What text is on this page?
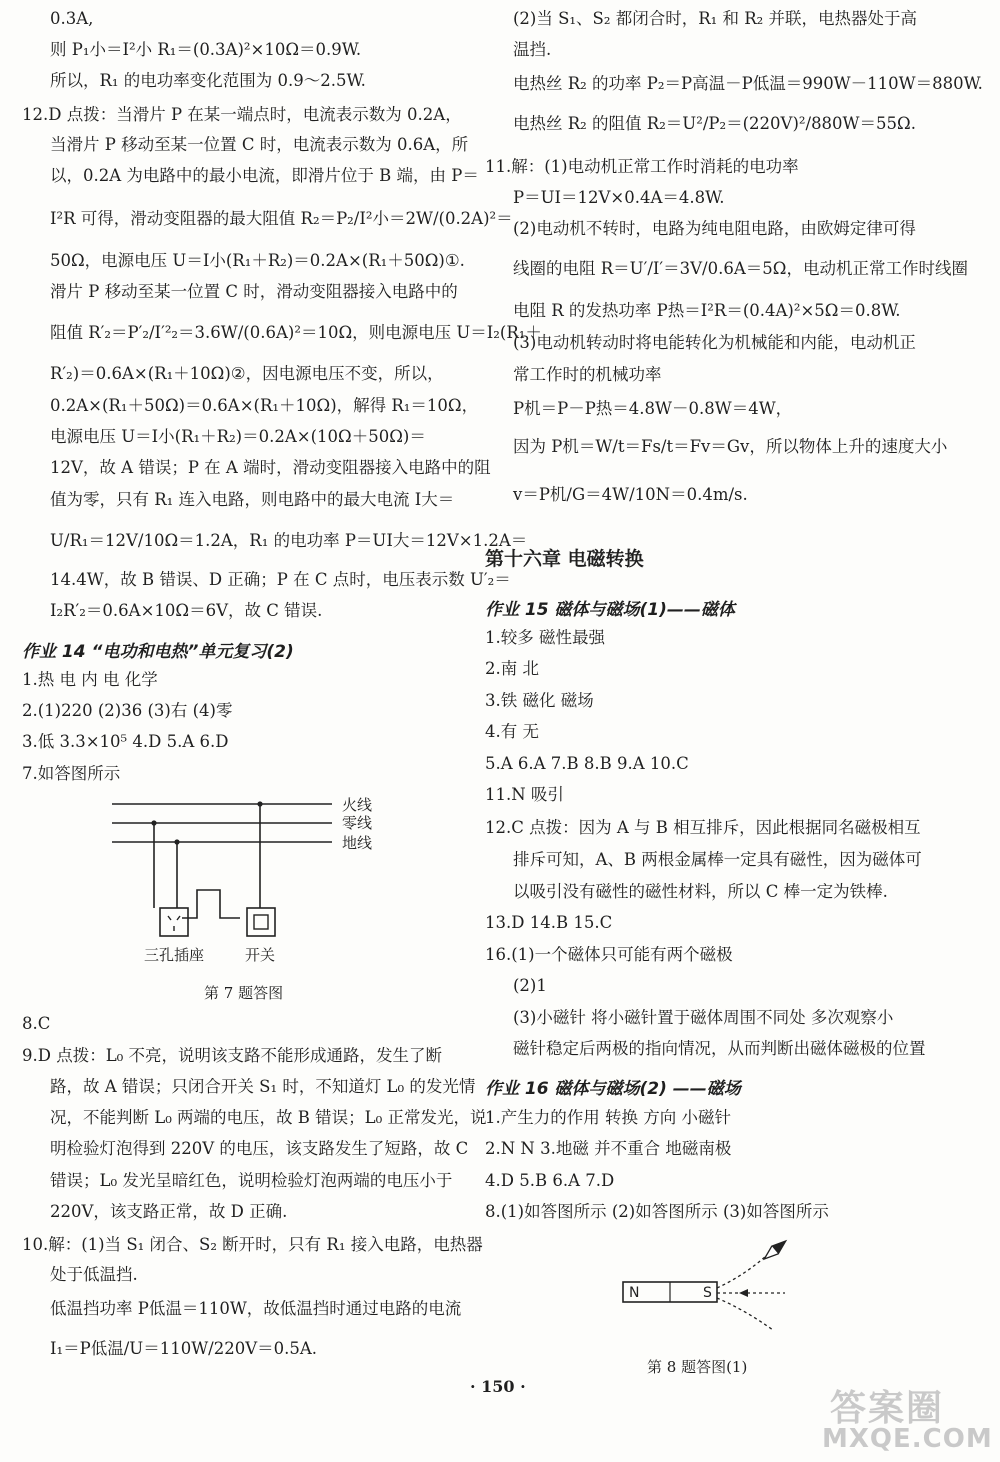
0.3A,
则 P₁小＝I²小 R₁＝(0.3A)²×10Ω＝0.9W.
所以，R₁ 的电功率变化范围为 0.9～2.5W.
12.D 点拨：当滑片 P 在某一端点时，电流表示数为 0.2A，
当滑片 P 移动至某一位置 C 时，电流表示数为 0.6A，所
以，0.2A 为电路中的最小电流，即滑片位于 B 端，由 P＝
I²R 可得，滑动变阻器的最大阻值 R₂＝P₂/I²小＝2W/(0.2A)²＝
50Ω，电源电压 U＝I小(R₁＋R₂)＝0.2A×(R₁＋50Ω)①.
滑片 P 移动至某一位置 C 时，滑动变阻器接入电路中的
阻值 R′₂＝P′₂/I′²₂＝3.6W/(0.6A)²＝10Ω，则电源电压 U＝I₂(R₁＋
R′₂)＝0.6A×(R₁＋10Ω)②，因电源电压不变，所以，
0.2A×(R₁＋50Ω)＝0.6A×(R₁＋10Ω)，解得 R₁＝10Ω，
电源电压 U＝I小(R₁＋R₂)＝0.2A×(10Ω＋50Ω)＝
12V，故 A 错误；P 在 A 端时，滑动变阻器接入电路中的阻
值为零，只有 R₁ 连入电路，则电路中的最大电流 I大＝
U/R₁＝12V/10Ω＝1.2A，R₁ 的电功率 P＝UI大＝12V×1.2A＝
14.4W，故 B 错误、D 正确；P 在 C 点时，电压表示数 U′₂＝
I₂R′₂＝0.6A×10Ω＝6V，故 C 错误.
作业 14 “电功和电热”单元复习(2)
1.热 电 内 电 化学
2.(1)220 (2)36 (3)右 (4)零
3.低 3.3×10⁵ 4.D 5.A 6.D
7.如答图所示
火线
零线
地线
三孔插座	开关
第 7 题答图
8.C
9.D 点拨：L₀ 不亮，说明该支路不能形成通路，发生了断
路，故 A 错误；只闭合开关 S₁ 时，不知道灯 L₀ 的发光情
况，不能判断 L₀ 两端的电压，故 B 错误；L₀ 正常发光，说
明检验灯泡得到 220V 的电压，该支路发生了短路，故 C
错误；L₀ 发光呈暗红色，说明检验灯泡两端的电压小于
220V，该支路正常，故 D 正确.
10.解：(1)当 S₁ 闭合、S₂ 断开时，只有 R₁ 接入电路，电热器
处于低温挡.
低温挡功率 P低温＝110W，故低温挡时通过电路的电流
I₁＝P低温/U＝110W/220V＝0.5A.
(2)当 S₁、S₂ 都闭合时，R₁ 和 R₂ 并联，电热器处于高
温挡.
电热丝 R₂ 的功率 P₂＝P高温－P低温＝990W－110W＝880W.
电热丝 R₂ 的阻值 R₂＝U²/P₂＝(220V)²/880W＝55Ω.
11.解：(1)电动机正常工作时消耗的电功率
P＝UI＝12V×0.4A＝4.8W.
(2)电动机不转时，电路为纯电阻电路，由欧姆定律可得
线圈的电阻 R＝U′/I′＝3V/0.6A＝5Ω，电动机正常工作时线圈
电阻 R 的发热功率 P热＝I²R＝(0.4A)²×5Ω＝0.8W.
(3)电动机转动时将电能转化为机械能和内能，电动机正
常工作时的机械功率
P机＝P－P热＝4.8W－0.8W＝4W，
因为 P机＝W/t＝Fs/t＝Fv＝Gv，所以物体上升的速度大小
v＝P机/G＝4W/10N＝0.4m/s.
第十六章 电磁转换
作业 15 磁体与磁场(1)——磁体
1.较多 磁性最强
2.南 北
3.铁 磁化 磁场
4.有 无
5.A 6.A 7.B 8.B 9.A 10.C
11.N 吸引
12.C 点拨：因为 A 与 B 相互排斥，因此根据同名磁极相互
排斥可知，A、B 两根金属棒一定具有磁性，因为磁体可
以吸引没有磁性的磁性材料，所以 C 棒一定为铁棒.
13.D 14.B 15.C
16.(1)一个磁体只可能有两个磁极
(2)1
(3)小磁针 将小磁针置于磁体周围不同处 多次观察小
磁针稳定后两极的指向情况，从而判断出磁体磁极的位置
作业 16 磁体与磁场(2) ——磁场
1.产生力的作用 转换 方向 小磁针
2.N N 3.地磁 并不重合 地磁南极
4.D 5.B 6.A 7.D
8.(1)如答图所示 (2)如答图所示 (3)如答图所示
N	S
第 8 题答图(1)
· 150 ·
答案圈
MXQE.COM
